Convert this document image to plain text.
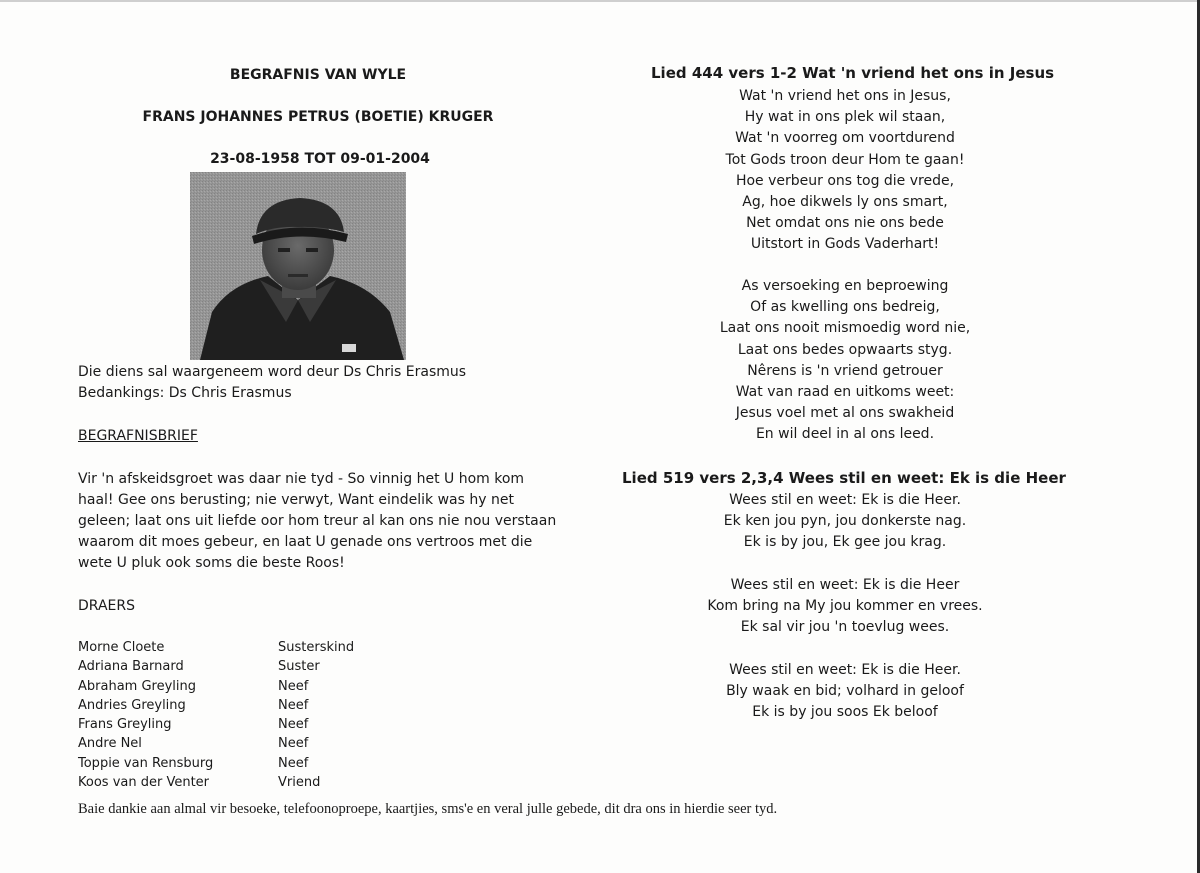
BEGRAFNIS VAN WYLE
FRANS JOHANNES PETRUS (BOETIE) KRUGER
23-08-1958 TOT 09-01-2004
Die diens sal waargeneem word deur Ds Chris Erasmus
Bedankings: Ds Chris Erasmus
BEGRAFNISBRIEF
Vir 'n afskeidsgroet was daar nie tyd - So vinnig het U hom kom
haal! Gee ons berusting; nie verwyt, Want eindelik was hy net
geleen; laat ons uit liefde oor hom treur al kan ons nie nou verstaan
waarom dit moes gebeur, en laat U genade ons vertroos met die
wete U pluk ook soms die beste Roos!
DRAERS
Morne Cloete	Susterskind
Adriana Barnard	Suster
Abraham Greyling	Neef
Andries Greyling	Neef
Frans Greyling	Neef
Andre Nel	Neef
Toppie van Rensburg	Neef
Koos van der Venter	Vriend
Lied 444 vers 1-2 Wat 'n vriend het ons in Jesus
Wat 'n vriend het ons in Jesus,
Hy wat in ons plek wil staan,
Wat 'n voorreg om voortdurend
Tot Gods troon deur Hom te gaan!
Hoe verbeur ons tog die vrede,
Ag, hoe dikwels ly ons smart,
Net omdat ons nie ons bede
Uitstort in Gods Vaderhart!
As versoeking en beproewing
Of as kwelling ons bedreig,
Laat ons nooit mismoedig word nie,
Laat ons bedes opwaarts styg.
Nêrens is 'n vriend getrouer
Wat van raad en uitkoms weet:
Jesus voel met al ons swakheid
En wil deel in al ons leed.
Lied 519 vers 2,3,4 Wees stil en weet: Ek is die Heer
Wees stil en weet: Ek is die Heer.
Ek ken jou pyn, jou donkerste nag.
Ek is by jou, Ek gee jou krag.
Wees stil en weet: Ek is die Heer
Kom bring na My jou kommer en vrees.
Ek sal vir jou 'n toevlug wees.
Wees stil en weet: Ek is die Heer.
Bly waak en bid; volhard in geloof
Ek is by jou soos Ek beloof
Baie dankie aan almal vir besoeke, telefoonoproepe, kaartjies, sms'e en veral julle gebede, dit dra ons in hierdie seer tyd.
